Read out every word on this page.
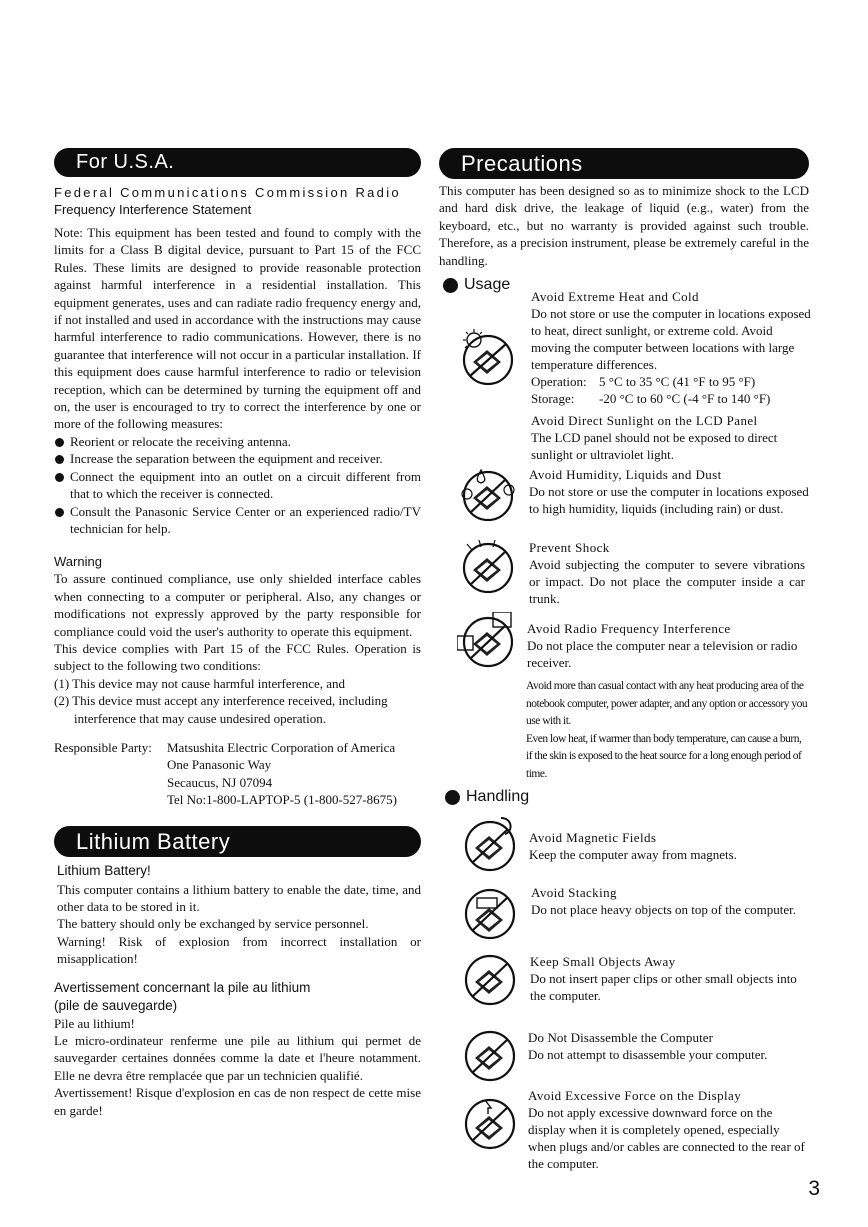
For U.S.A.
Federal Communications Commission Radio
Frequency Interference Statement

Note: This equipment has been tested and found to comply with the limits for a Class B digital device, pursuant to Part 15 of the FCC Rules. These limits are designed to provide reasonable protection against harmful interference in a residential installation. This equipment generates, uses and can radiate radio frequency energy and, if not installed and used in accordance with the instructions may cause harmful interference to radio communications. However, there is no guarantee that interference will not occur in a particular installation. If this equipment does cause harmful interference to radio or television reception, which can be determined by turning the equipment off and on, the user is encouraged to try to correct the interference by one or more of the following measures:

Reorient or relocate the receiving antenna.
Increase the separation between the equipment and receiver.
Connect the equipment into an outlet on a circuit different from that to which the receiver is connected.
Consult the Panasonic Service Center or an experienced radio/TV technician for help.
Warning

To assure continued compliance, use only shielded interface cables when connecting to a computer or peripheral. Also, any changes or modifications not expressly approved by the party responsible for compliance could void the user's authority to operate this equipment.

This device complies with Part 15 of the FCC Rules. Operation is subject to the following two conditions:

(1) This device may not cause harmful interference, and
(2) This device must accept any interference received, including interference that may cause undesired operation.
Responsible Party:	Matsushita Electric Corporation of America
One Panasonic Way
Secaucus, NJ 07094
Tel No:1-800-LAPTOP-5 (1-800-527-8675)
Lithium Battery
Lithium Battery!

This computer contains a lithium battery to enable the date, time, and other data to be stored in it.

The battery should only be exchanged by service personnel.

Warning! Risk of explosion from incorrect installation or misapplication!

Avertissement concernant la pile au lithium
(pile de sauvegarde)

Pile au lithium!

Le micro-ordinateur renferme une pile au lithium qui permet de sauvegarder certaines données comme la date et l'heure notamment. Elle ne devra être remplacée que par un technicien qualifié.

Avertissement! Risque d'explosion en cas de non respect de cette mise en garde!

Precautions

This computer has been designed so as to minimize shock to the LCD and hard disk drive, the leakage of liquid (e.g., water) from the keyboard, etc., but no warranty is provided against such trouble. Therefore, as a precision instrument, please be extremely careful in the handling.

Usage
Avoid Extreme Heat and Cold
Do not store or use the computer in locations exposed to heat, direct sunlight, or extreme cold. Avoid moving the computer between locations with large temperature differences.
Operation: 5 °C to 35 °C (41 °F to 95 °F)
Storage:	-20 °C to 60 °C (-4 °F to 140 °F)
Avoid Direct Sunlight on the LCD Panel
The LCD panel should not be exposed to direct sunlight or ultraviolet light.
Avoid Humidity, Liquids and Dust
Do not store or use the computer in locations exposed to high humidity, liquids (including rain) or dust.
Prevent Shock
Avoid subjecting the computer to severe vibrations or impact. Do not place the computer inside a car trunk.
Avoid Radio Frequency Interference
Do not place the computer near a television or radio receiver.
Avoid more than casual contact with any heat producing area of the notebook computer, power adapter, and any option or accessory you use with it.
Even low heat, if warmer than body temperature, can cause a burn, if the skin is exposed to the heat source for a long enough period of time.
Handling
Avoid Magnetic Fields
Keep the computer away from magnets.
Avoid Stacking
Do not place heavy objects on top of the computer.
Keep Small Objects Away
Do not insert paper clips or other small objects into the computer.
Do Not Disassemble the Computer
Do not attempt to disassemble your computer.
Avoid Excessive Force on the Display
Do not apply excessive downward force on the display when it is completely opened, especially when plugs and/or cables are connected to the rear of the computer.
3
